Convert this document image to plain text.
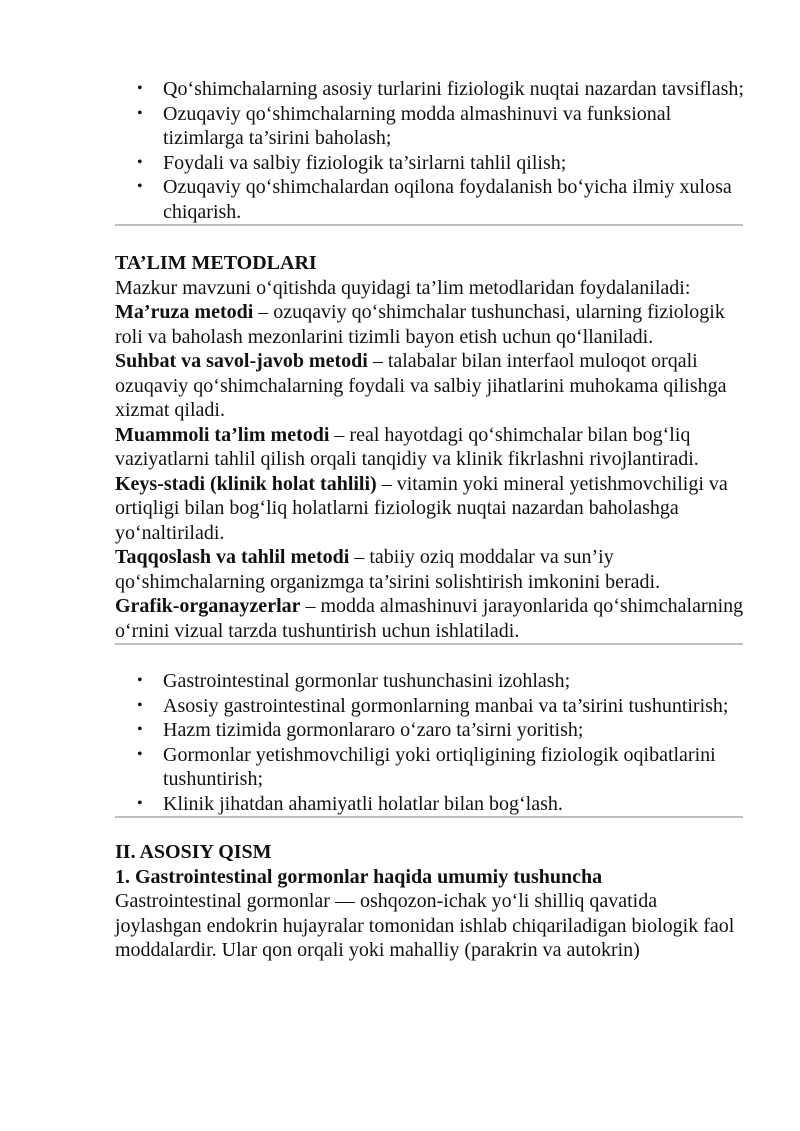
• Qo‘shimchalarning asosiy turlarini fiziologik nuqtai nazardan tavsiflash;
• Ozuqaviy qo‘shimchalarning modda almashinuvi va funksional tizimlarga ta’sirini baholash;
• Foydali va salbiy fiziologik ta’sirlarni tahlil qilish;
• Ozuqaviy qo‘shimchalardan oqilona foydalanish bo‘yicha ilmiy xulosa chiqarish.

TA’LIM METODLARI

Mazkur mavzuni o‘qitishda quyidagi ta’lim metodlaridan foydalaniladi:

Ma’ruza metodi – ozuqaviy qo‘shimchalar tushunchasi, ularning fiziologik roli va baholash mezonlarini tizimli bayon etish uchun qo‘llaniladi.

Suhbat va savol-javob metodi – talabalar bilan interfaol muloqot orqali ozuqaviy qo‘shimchalarning foydali va salbiy jihatlarini muhokama qilishga xizmat qiladi.

Muammoli ta’lim metodi – real hayotdagi qo‘shimchalar bilan bog‘liq vaziyatlarni tahlil qilish orqali tanqidiy va klinik fikrlashni rivojlantiradi.

Keys-stadi (klinik holat tahlili) – vitamin yoki mineral yetishmovchiligi va ortiqligi bilan bog‘liq holatlarni fiziologik nuqtai nazardan baholashga yo‘naltiriladi.

Taqqoslash va tahlil metodi – tabiiy oziq moddalar va sun’iy qo‘shimchalarning organizmga ta’sirini solishtirish imkonini beradi.

Grafik-organayzerlar – modda almashinuvi jarayonlarida qo‘shimchalarning o‘rnini vizual tarzda tushuntirish uchun ishlatiladi.

• Gastrointestinal gormonlar tushunchasini izohlash;
• Asosiy gastrointestinal gormonlarning manbai va ta’sirini tushuntirish;
• Hazm tizimida gormonlararo o‘zaro ta’sirni yoritish;
• Gormonlar yetishmovchiligi yoki ortiqligining fiziologik oqibatlarini tushuntirish;
• Klinik jihatdan ahamiyatli holatlar bilan bog‘lash.

II. ASOSIY QISM

1. Gastrointestinal gormonlar haqida umumiy tushuncha

Gastrointestinal gormonlar — oshqozon-ichak yo‘li shilliq qavatida joylashgan endokrin hujayralar tomonidan ishlab chiqariladigan biologik faol moddalardir. Ular qon orqali yoki mahalliy (parakrin va autokrin)
